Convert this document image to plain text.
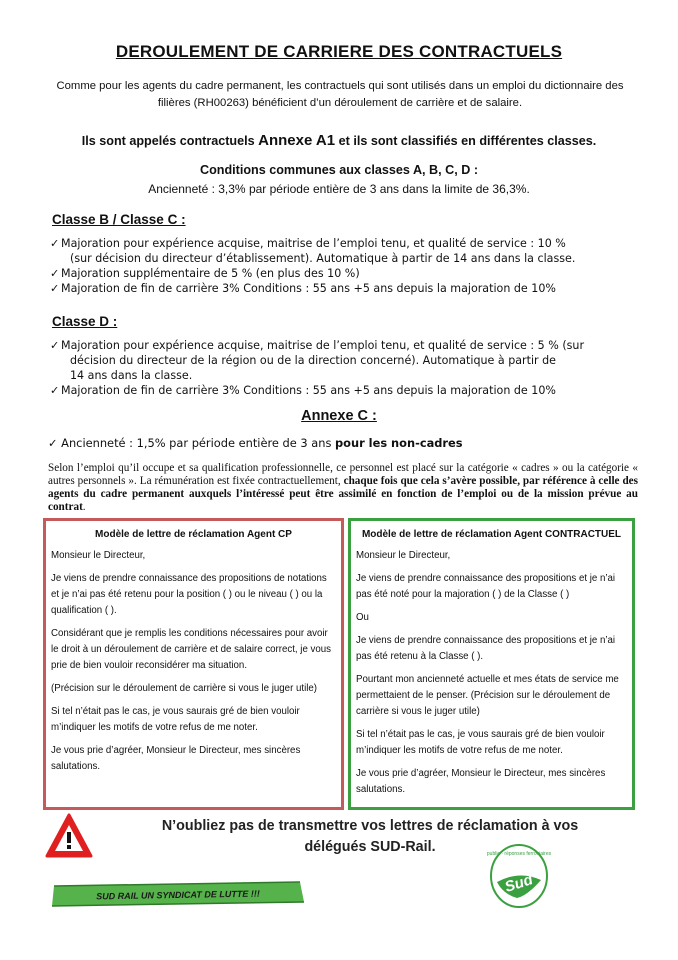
DEROULEMENT DE CARRIERE DES CONTRACTUELS
Comme pour les agents du cadre permanent, les contractuels qui sont utilisés dans un emploi du dictionnaire des filières (RH00263) bénéficient d’un déroulement de carrière et de salaire.
Ils sont appelés contractuels Annexe A1 et ils sont classifiés en différentes classes.
Conditions communes aux classes A, B, C, D :
Ancienneté : 3,3% par période entière de 3 ans dans la limite de 36,3%.
Classe B / Classe C :
✓ Majoration pour expérience acquise, maitrise de l’emploi tenu, et qualité de service : 10 %
(sur décision du directeur d’établissement). Automatique à partir de 14 ans dans la classe.
✓ Majoration supplémentaire de 5 % (en plus des 10 %)
✓ Majoration de fin de carrière 3% Conditions : 55 ans +5 ans depuis la majoration de 10%
Classe D :
✓ Majoration pour expérience acquise, maitrise de l’emploi tenu, et qualité de service : 5 % (sur
décision du directeur de la région ou de la direction concerné). Automatique à partir de
14 ans dans la classe.
✓ Majoration de fin de carrière 3% Conditions : 55 ans +5 ans depuis la majoration de 10%
Annexe C :
✓ Ancienneté : 1,5% par période entière de 3 ans pour les non-cadres
Selon l’emploi qu’il occupe et sa qualification professionnelle, ce personnel est placé sur la catégorie « cadres » ou la catégorie « autres personnels ». La rémunération est fixée contractuellement, chaque fois que cela s’avère possible, par référence à celle des agents du cadre permanent auxquels l’intéressé peut être assimilé en fonction de l’emploi ou de la mission prévue au contrat.
Modèle de lettre de réclamation Agent CP

Monsieur le Directeur,

Je viens de prendre connaissance des propositions de notations et je n’ai pas été retenu pour la position ( ) ou le niveau ( ) ou la qualification ( ).

Considérant que je remplis les conditions nécessaires pour avoir le droit à un déroulement de carrière et de salaire correct, je vous prie de bien vouloir reconsidérer ma situation.

(Précision sur le déroulement de carrière si vous le juger utile)

Si tel n’était pas le cas, je vous saurais gré de bien vouloir m’indiquer les motifs de votre refus de me noter.

Je vous prie d’agréer, Monsieur le Directeur, mes sincères salutations.

Modèle de lettre de réclamation Agent CONTRACTUEL

Monsieur le Directeur,

Je viens de prendre connaissance des propositions et je n’ai pas été noté pour la majoration ( ) de la Classe ( )

Ou

Je viens de prendre connaissance des propositions et je n’ai pas été retenu à la Classe ( ).

Pourtant mon ancienneté actuelle et mes états de service me permettaient de le penser. (Précision sur le déroulement de carrière si vous le juger utile)

Si tel n’était pas le cas, je vous saurais gré de bien vouloir m’indiquer les motifs de votre refus de me noter.

Je vous prie d’agréer, Monsieur le Directeur, mes sincères salutations.

N’oubliez pas de transmettre vos lettres de réclamation à vos
délégués SUD-Rail.
SUD RAIL UN SYNDICAT DE LUTTE !!!	Sud
public · réponses ferroviaires
